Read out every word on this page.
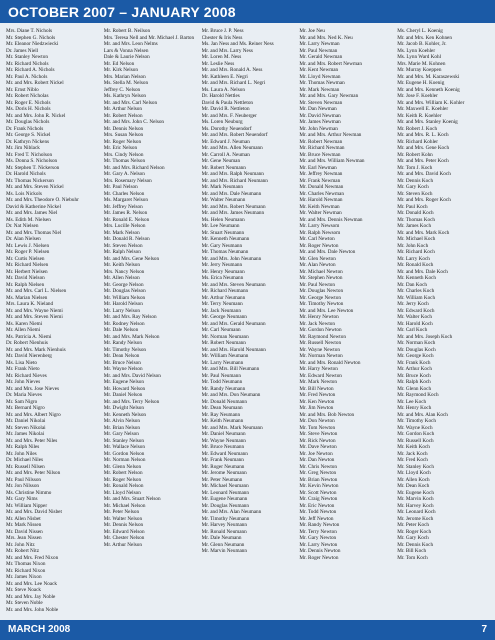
OCTOBER 2007 – JANUARY 2008
Mrs. Diane T. Nichols
Mr. Stephen G. Nichols
Mr. Eleanor Niedzwiecki
Dr. James Niell
Mr. Stanley Newton
Mr. Richard Nichols
Mr. Richard A. Nichols
Mr. Paul A. Nichols
Mr. and Mrs. Robert Nickel
Mr. Ernst Niblo
Mr. Robert Nicholas
Mr. Roger E. Nichols
Ms. Doris H. Nichols
Mr. and Mrs. John R. Nickel
Mr. Douglas Nichols
Dr. Frank Nichols
Mr. George S. Nickel
Dr. Kathryn Nickens
Mr. Jim Niblack
Mr. Fred T. Nicholson
Ms. Donna S. Nicholson
Mr. Stephen T. Nickerson
Dr. Harold Nichols
Mr. Thomas Nickerson
Mr. and Mrs. Steven Nickel
Ms. Lois Nickols
Mr. and Mrs. Theodore O. Niebuhr
David & Katherine Nickel
Mr. and Mrs. James Niel
Ms. Edith M. Nielsen
Dr. Nat Nielsen
Mr. and Mrs. Thomas Niel
Dr. Alan Nielsen
Mr. Lewis J. Nielsen
Mr. Roger P. Nielsen
Mr. Curtis Nielsen
Mr. Richard Nielsen
Mr. Herbert Nielsen
Mr. David Nielson
Mr. Ralph Nielsen
Mr. and Mrs. Carl L. Nielsen
Ms. Marian Nielsen
Mrs. Laura K. Nieland
Mr. and Mrs. Wayne Niemi
Mr. and Mrs. Steven Niemi
Ms. Karen Niemi
Mr. Allen Niemi
Ms. Patricia A. Niemi
Dr. Robert Nienhuis
Mr. and Mrs. Mark Nienhuis
Mr. David Nierenberg
Ms. Lisa Nieto
Mr. Frank Nieto
Mr. Richard Nieves
Mr. John Nieves
Mr. and Mrs. Jose Nieves
Dr. Maria Nieves
Mr. Sam Nigro
Mr. Bernard Nigro
Mr. and Mrs. Albert Nigro
Mr. Daniel Nikolai
Mr. Steven Nikolai
Mr. James Nikolai
Mr. and Mrs. Peter Niles
Mr. Ralph Niles
Mr. John Niles
Dr. Michael Niles
Mr. Russell Nilsen
Mr. and Mrs. Peter Nilson
Mr. Paul Nilsson
Mr. Jon Nilsson
Ms. Christine Nimmo
Mr. Gary Nims
Mr. William Nipper
Mr. and Mrs. David Nisbet
Mr. Allen Nisbet
Mr. Mark Nissen
Mr. David Nissen
Mrs. Jean Nissen
Mr. John Nitz
Mr. Robert Nitz
Mr. and Mrs. Fred Nixon
Mr. Thomas Nixon
Mr. Richard Nixon
Mr. James Nixon
Mr. and Mrs. Lee Noack
Mr. Steve Noack
Mr. and Mrs. Jay Noble
Mr. Steven Noble
Mr. and Mrs. John Noble
Mr. Robert B. Neilson
Mrs. Teresa Nell and Mr. Michael J. Barton
Mr. and Mrs. Leon Nelms
Lars & Vonna Nelsen
Dale & Laurie Nelson
Mr. Ed Nelson
Mr. Kirk Nelson
Mrs. Marian Nelson
Ms. Stella M. Nelson
Jeffrey C. Nelson
Ms. Kathryn Nelson
Mr. and Mrs. Carl Nelson
Mr. Arthur Nelson
Mr. Robert Nelson
Mr. and Mrs. John C. Nelson
Mr. Dennis Nelson
Mrs. Susan Nelson
Mr. Roger Nelson
Mr. Eric Nelson
Mrs. Cindy Nelson
Mr. Thomas Nelson
Mr. and Mrs. Richard Nelson
Mr. Gary A. Nelson
Mrs. Rosemary Nelson
Mr. Paul Nelson
Mr. Charles Nelson
Ms. Margaret Nelson
Mr. Jeffrey Nelson
Mr. James R. Nelson
Mr. Ronald E. Nelson
Mrs. Lucille Nelson
Mr. Mark Nelson
Mr. Donald R. Nelson
Mr. Steven Nelson
Mr. Ralph Nelson
Mr. and Mrs. Gene Nelson
Mr. Keith Nelson
Mrs. Nancy Nelson
Mr. Allen Nelson
Mr. George Nelson
Mr. Douglas Nelson
Mr. William Nelson
Mr. Harold Nelson
Mr. Larry Nelson
Mr. and Mrs. Ray Nelson
Mr. Rodney Nelson
Mr. Dale Nelson
Mr. and Mrs. Mark Nelson
Mr. Randy Nelson
Mr. Timothy Nelson
Mr. Dean Nelson
Mr. Bruce Nelson
Mr. Wayne Nelson
Mr. and Mrs. David Nelson
Mr. Eugene Nelson
Mr. Howard Nelson
Mr. Daniel Nelson
Mr. and Mrs. Terry Nelson
Mr. Dwight Nelson
Mr. Kenneth Nelson
Mr. Alvin Nelson
Mr. Brian Nelson
Mr. Gary Nelson
Mr. Stanley Nelson
Mr. Wallace Nelson
Mr. Gordon Nelson
Mr. Norman Nelson
Mr. Glenn Nelson
Mr. Robert Nelson
Mr. Roger Nelson
Mr. Ronald Nelson
Mr. Lloyd Nelson
Mr. and Mrs. Stuart Nelson
Mr. Michael Nelson
Mr. Peter Nelson
Mr. Walter Nelson
Mr. Dennis Nelson
Mr. Edward Nelson
Mr. Chester Nelson
Mr. Arthur Nelson
Mr. Bruce J. P. Ness
Chester & Iris Ness
Ms. Jan Ness and Ms. Reiner Ness
Mr. and Mrs. Larry Ness
Mr. Loren M. Ness
Mr. Leslie Ness
Mr. and Mrs. Ronald A. Ness
Mr. Kathleen E. Negri
Mr. and Mrs. Richard L. Negri
Ms. Laura A. Nelson
Dr. Harold Nettles
David & Paula Nettleton
Mr. David R. Nettleton
Mr. and Mrs. F. Neuberger
Ms. Loren Neuburg
Ms. Dorothy Neuendorf
Mr. and Mrs. Robert Neuendorf
Mr. Edward J. Neuman
Mr. and Mrs. Allen Neumann
Mr. Carroll A. Neuman
Mr. Gene Neuman
Mr. Robert Neumann
Mr. and Mrs. Ralph Neumann
Mr. and Mrs. Richard Neumann
Mr. Mark Neumann
Mr. and Mrs. Dale Neumann
Mr. Walter Neumann
Mr. and Mrs. Robert Neumann
Mr. and Mrs. James Neumann
Ms. Helen Neumann
Mr. Lee Neumann
Mr. Stuart Neumann
Mr. Kenneth Neumann
Mr. Gary Neumann
Mr. Thomas Neumann
Mr. and Mrs. John Neumann
Mr. Jerry Neumann
Mr. Henry Neumann
Ms. Erica Neumann
Mr. and Mrs. Steven Neumann
Mr. Richard Neumann
Mr. Arthur Neumann
Mr. Terry Neumann
Mr. Jack Neumann
Mr. George Neumann
Mr. and Mrs. Gerald Neumann
Mr. Carl Neumann
Mr. Norman Neumann
Mr. Robert Neumann
Mr. and Mrs. Harold Neumann
Mr. William Neumann
Mr. Larry Neumann
Mr. and Mrs. Bill Neumann
Mr. Paul Neumann
Mr. Todd Neumann
Mr. Randy Neumann
Mr. and Mrs. Don Neumann
Mr. Donald Neumann
Mr. Dean Neumann
Mr. Ray Neumann
Mr. Keith Neumann
Mr. and Mrs. Mark Neumann
Mr. Daniel Neumann
Mr. Wayne Neumann
Mr. Bruce Neumann
Mr. Edward Neumann
Mr. Frank Neumann
Mr. Roger Neumann
Mr. Jerome Neumann
Mr. Peter Neumann
Mr. Michael Neumann
Mr. Leonard Neumann
Mr. Eugene Neumann
Mr. Douglas Neumann
Mr. and Mrs. Alan Neumann
Mr. Timothy Neumann
Mr. Harvey Neumann
Mr. Ronald Neumann
Mr. Dale Neumann
Mr. Glenn Neumann
Mr. Marvin Neumann
Mr. Joe Neu
Mr. and Mrs. Ned K. Neu
Mr. Larry Newman
Mr. Paul Newman
Mr. Gerald Newman
Mr. and Mrs. Robert Newman
Mr. Kent Newman
Mr. Lloyd Newman
Mr. Thomas Newman
Mr. Mark Newman
Mr. and Mrs. Gary Newman
Mr. Steven Newman
Mr. Dan Newman
Mr. David Newman
Mr. James Newman
Mr. John Newman
Mr. and Mrs. Arthur Newman
Mr. Robert Newman
Mr. Richard Newman
Mr. Bruce Newman
Mr. and Mrs. William Newman
Mr. Earl Newman
Mr. Jeffrey Newman
Mr. Frank Newman
Mr. Donald Newman
Mr. Charles Newman
Mr. Harold Newman
Mr. Keith Newman
Mr. Walter Newman
Mr. and Mrs. Dennis Newman
Mr. Larry Newsom
Mr. Ralph Newsom
Mr. Carl Newton
Mr. Roger Newton
Mr. and Mrs. Dale Newton
Mr. Glen Newton
Mr. Alan Newton
Mr. Michael Newton
Mr. Stephen Newton
Mr. Paul Newton
Mr. Douglas Newton
Mr. George Newton
Mr. Timothy Newton
Mr. and Mrs. Lee Newton
Mr. Henry Newton
Mr. Jack Newton
Mr. Gordon Newton
Mr. Raymond Newton
Mr. Russell Newton
Mr. Wayne Newton
Mr. Norman Newton
Mr. and Mrs. Ronald Newton
Mr. Harry Newton
Mr. Edward Newton
Mr. Mark Newton
Mr. Bill Newton
Mr. Fred Newton
Mr. Ken Newton
Mr. Jim Newton
Mr. and Mrs. Bob Newton
Mr. Don Newton
Mr. Tom Newton
Mr. Steve Newton
Mr. Rick Newton
Mr. Dave Newton
Mr. Joe Newton
Mr. Dan Newton
Mr. Chris Newton
Mr. Greg Newton
Mr. Brian Newton
Mr. Kevin Newton
Mr. Scott Newton
Mr. Craig Newton
Mr. Eric Newton
Mr. Todd Newton
Mr. Jeff Newton
Mr. Randy Newton
Mr. Terry Newton
Mr. Gary Newton
Mr. Larry Newton
Mr. Dennis Newton
Mr. Roger Newton
Ms. Cheryl L. Koenig
Mr. and Mrs. Ken Kohnen
Mr. Jacob B. Kohler, Jr.
Ms. Lynn Koehler
Ms. Lynn Ward Kohl
Mrs. Marie M. Kohnen
Mr. Murray Koeppen
Mr. and Mrs. M. Karaszewski
Mr. Eugene H. Koenig
Mr. and Mrs. Kenneth Koenig
Mr. Jose F. Koehler
Mr. and Mrs. William K. Kohler
Mr. Maxwell E. Koehler
Mr. Keith R. Koehler
Mr. and Mrs. Stanley Koenig
Mr. Robert J. Koch
Mr. and Mrs. R. L. Koch
Mr. Richard Kohler
Mr. and Mrs. Gene Koch
Mr. Robert Kohn
Mr. and Mrs. Peter Koch
Mr. Tom J. Koch
Mr. and Mrs. David Koch
Mr. Dennis Koch
Mr. Gary Koch
Mr. Steven Koch
Mr. and Mrs. Roger Koch
Mr. Paul Koch
Mr. Donald Koch
Mr. Thomas Koch
Mr. James Koch
Mr. and Mrs. Mark Koch
Mr. Michael Koch
Mr. John Koch
Mr. Richard Koch
Mr. Larry Koch
Mr. Ronald Koch
Mr. and Mrs. Dale Koch
Mr. Kenneth Koch
Mr. Dan Koch
Mr. Charles Koch
Mr. William Koch
Mr. Jerry Koch
Mr. Edward Koch
Mr. Walter Koch
Mr. Harold Koch
Mr. Carl Koch
Mr. and Mrs. Joseph Koch
Mr. Norman Koch
Mr. Douglas Koch
Mr. George Koch
Mr. Frank Koch
Mr. Arthur Koch
Mr. Bruce Koch
Mr. Ralph Koch
Mr. Glenn Koch
Mr. Raymond Koch
Mr. Lee Koch
Mr. Henry Koch
Mr. and Mrs. Alan Koch
Mr. Timothy Koch
Mr. Wayne Koch
Mr. Gordon Koch
Mr. Russell Koch
Mr. Keith Koch
Mr. Jack Koch
Mr. Fred Koch
Mr. Stanley Koch
Mr. Lloyd Koch
Mr. Allen Koch
Mr. Dean Koch
Mr. Eugene Koch
Mr. Marvin Koch
Mr. Harvey Koch
Mr. Leonard Koch
Mr. Jerome Koch
Mr. Peter Koch
Mr. Roger Koch
Mr. Gary Koch
Mr. Dennis Koch
Mr. Bill Koch
Mr. Tom Koch
MARCH 2008	7
